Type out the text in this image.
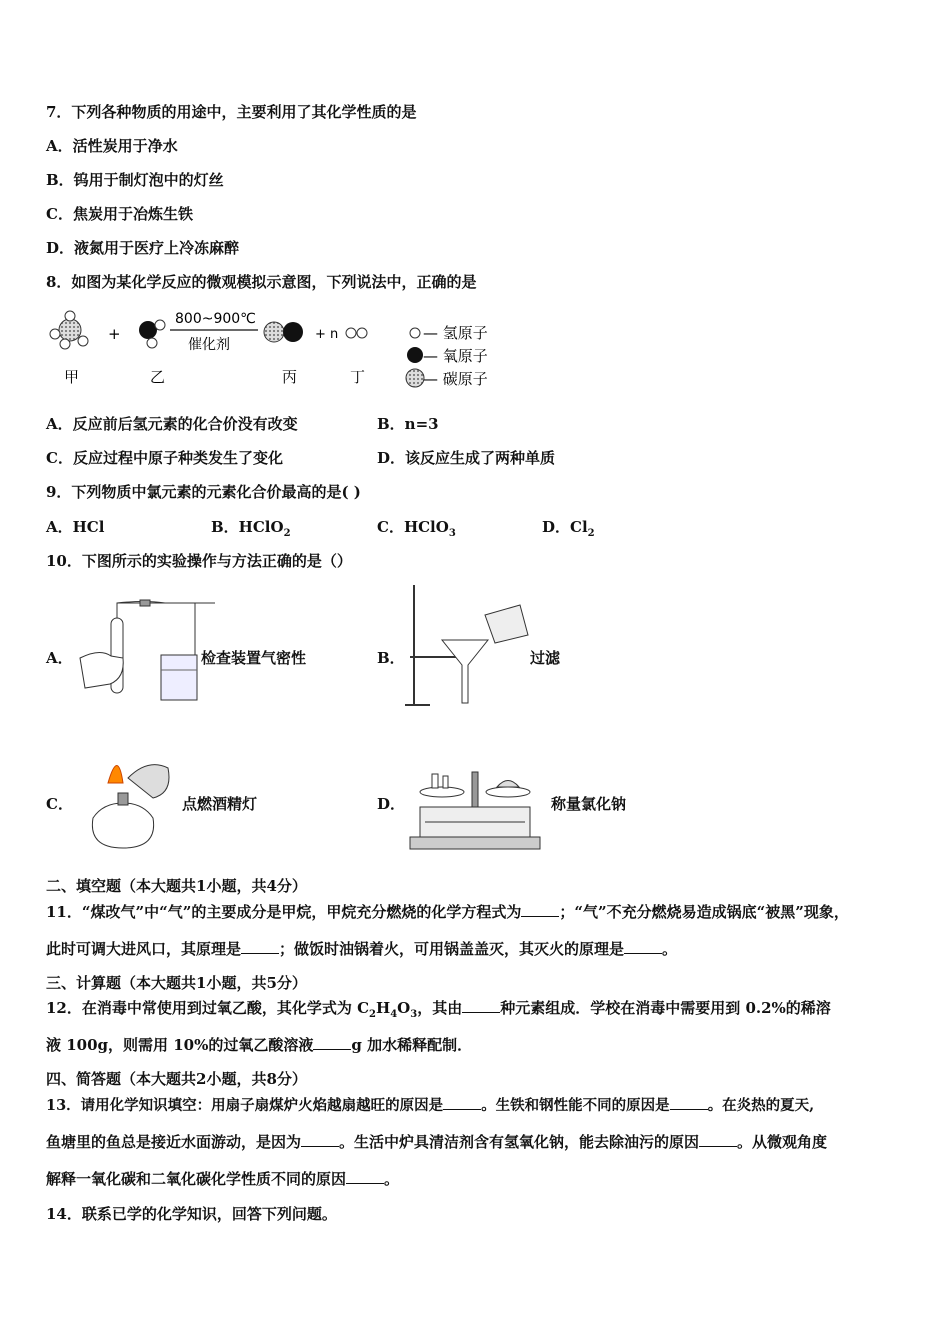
7．下列各种物质的用途中，主要利用了其化学性质的是
A．活性炭用于净水
B．钨用于制灯泡中的灯丝
C．焦炭用于冶炼生铁
D．液氮用于医疗上冷冻麻醉
8．如图为某化学反应的微观模拟示意图，下列说法中，正确的是
+
800~900℃
催化剂
+ n
甲	乙	丙	丁
— 氢原子
— 氧原子
— 碳原子
A．反应前后氢元素的化合价没有改变	B．n=3
C．反应过程中原子种类发生了变化	D．该反应生成了两种单质
9．下列物质中氯元素的元素化合价最高的是( )
A．HCl	B．HClO$_2$	C．HClO$_3$	D．$Cl_2$
10．下图所示的实验操作与方法正确的是（）
A．	检查装置气密性	B．	过滤
C．	点燃酒精灯	D．	称量氯化钠
二、填空题（本大题共1小题，共4分）
11．“煤改气”中“气”的主要成分是甲烷，甲烷充分燃烧的化学方程式为	；“气”不充分燃烧易造成锅底“被黑”现象，
此时可调大进风口，其原理是	；做饭时油锅着火，可用锅盖盖灭，其灭火的原理是	。
三、计算题（本大题共1小题，共5分）
12．在消毒中常使用到过氧乙酸，其化学式为 $C_2H_4O_3$，其由	种元素组成．学校在消毒中需要用到 0.2%的稀溶
液 100g，则需用 10%的过氧乙酸溶液	g 加水稀释配制．
四、简答题（本大题共2小题，共8分）
13．请用化学知识填空：用扇子扇煤炉火焰越扇越旺的原因是	。生铁和钢性能不同的原因是	。在炎热的夏天,
鱼塘里的鱼总是接近水面游动，是因为	。生活中炉具清洁剂含有氢氧化钠，能去除油污的原因	。从微观角度
解释一氧化碳和二氧化碳化学性质不同的原因	。
14．联系已学的化学知识，回答下列问题。
